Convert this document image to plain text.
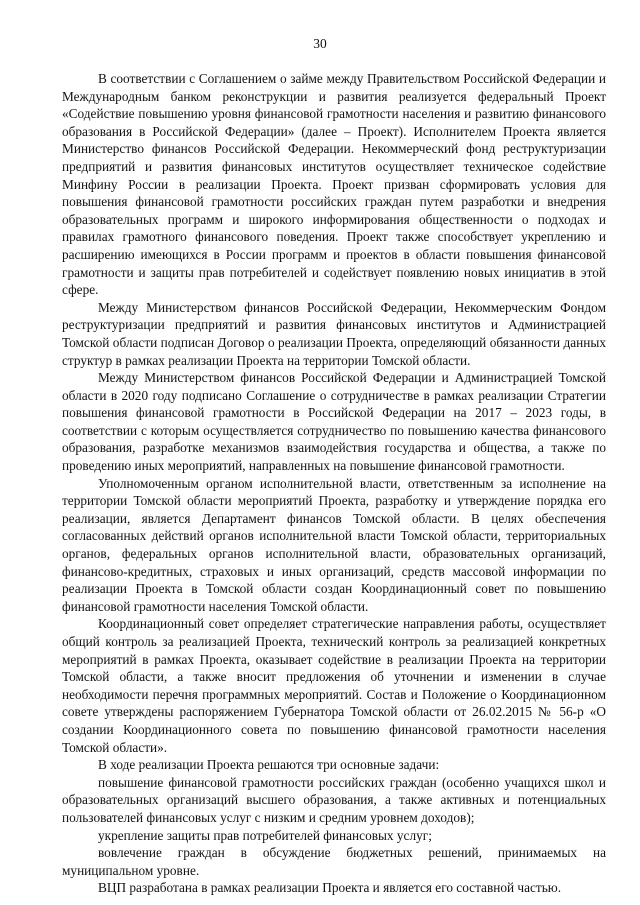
30

В соответствии с Соглашением о займе между Правительством Российской Федерации и Международным банком реконструкции и развития реализуется федеральный Проект «Содействие повышению уровня финансовой грамотности населения и развитию финансового образования в Российской Федерации» (далее – Проект). Исполнителем Проекта является Министерство финансов Российской Федерации. Некоммерческий фонд реструктуризации предприятий и развития финансовых институтов осуществляет техническое содействие Минфину России в реализации Проекта. Проект призван сформировать условия для повышения финансовой грамотности российских граждан путем разработки и внедрения образовательных программ и широкого информирования общественности о подходах и правилах грамотного финансового поведения. Проект также способствует укреплению и расширению имеющихся в России программ и проектов в области повышения финансовой грамотности и защиты прав потребителей и содействует появлению новых инициатив в этой сфере.

Между Министерством финансов Российской Федерации, Некоммерческим Фондом реструктуризации предприятий и развития финансовых институтов и Администрацией Томской области подписан Договор о реализации Проекта, определяющий обязанности данных структур в рамках реализации Проекта на территории Томской области.

Между Министерством финансов Российской Федерации и Администрацией Томской области в 2020 году подписано Соглашение о сотрудничестве в рамках реализации Стратегии повышения финансовой грамотности в Российской Федерации на 2017 – 2023 годы, в соответствии с которым осуществляется сотрудничество по повышению качества финансового образования, разработке механизмов взаимодействия государства и общества, а также по проведению иных мероприятий, направленных на повышение финансовой грамотности.

Уполномоченным органом исполнительной власти, ответственным за исполнение на территории Томской области мероприятий Проекта, разработку и утверждение порядка его реализации, является Департамент финансов Томской области. В целях обеспечения согласованных действий органов исполнительной власти Томской области, территориальных органов, федеральных органов исполнительной власти, образовательных организаций, финансово-кредитных, страховых и иных организаций, средств массовой информации по реализации Проекта в Томской области создан Координационный совет по повышению финансовой грамотности населения Томской области.

Координационный совет определяет стратегические направления работы, осуществляет общий контроль за реализацией Проекта, технический контроль за реализацией конкретных мероприятий в рамках Проекта, оказывает содействие в реализации Проекта на территории Томской области, а также вносит предложения об уточнении и изменении в случае необходимости перечня программных мероприятий. Состав и Положение о Координационном совете утверждены распоряжением Губернатора Томской области от 26.02.2015 № 56-р «О создании Координационного совета по повышению финансовой грамотности населения Томской области».

В ходе реализации Проекта решаются три основные задачи:

повышение финансовой грамотности российских граждан (особенно учащихся школ и образовательных организаций высшего образования, а также активных и потенциальных пользователей финансовых услуг с низким и средним уровнем доходов);

укрепление защиты прав потребителей финансовых услуг;

вовлечение граждан в обсуждение бюджетных решений, принимаемых на муниципальном уровне.

ВЦП разработана в рамках реализации Проекта и является его составной частью.
